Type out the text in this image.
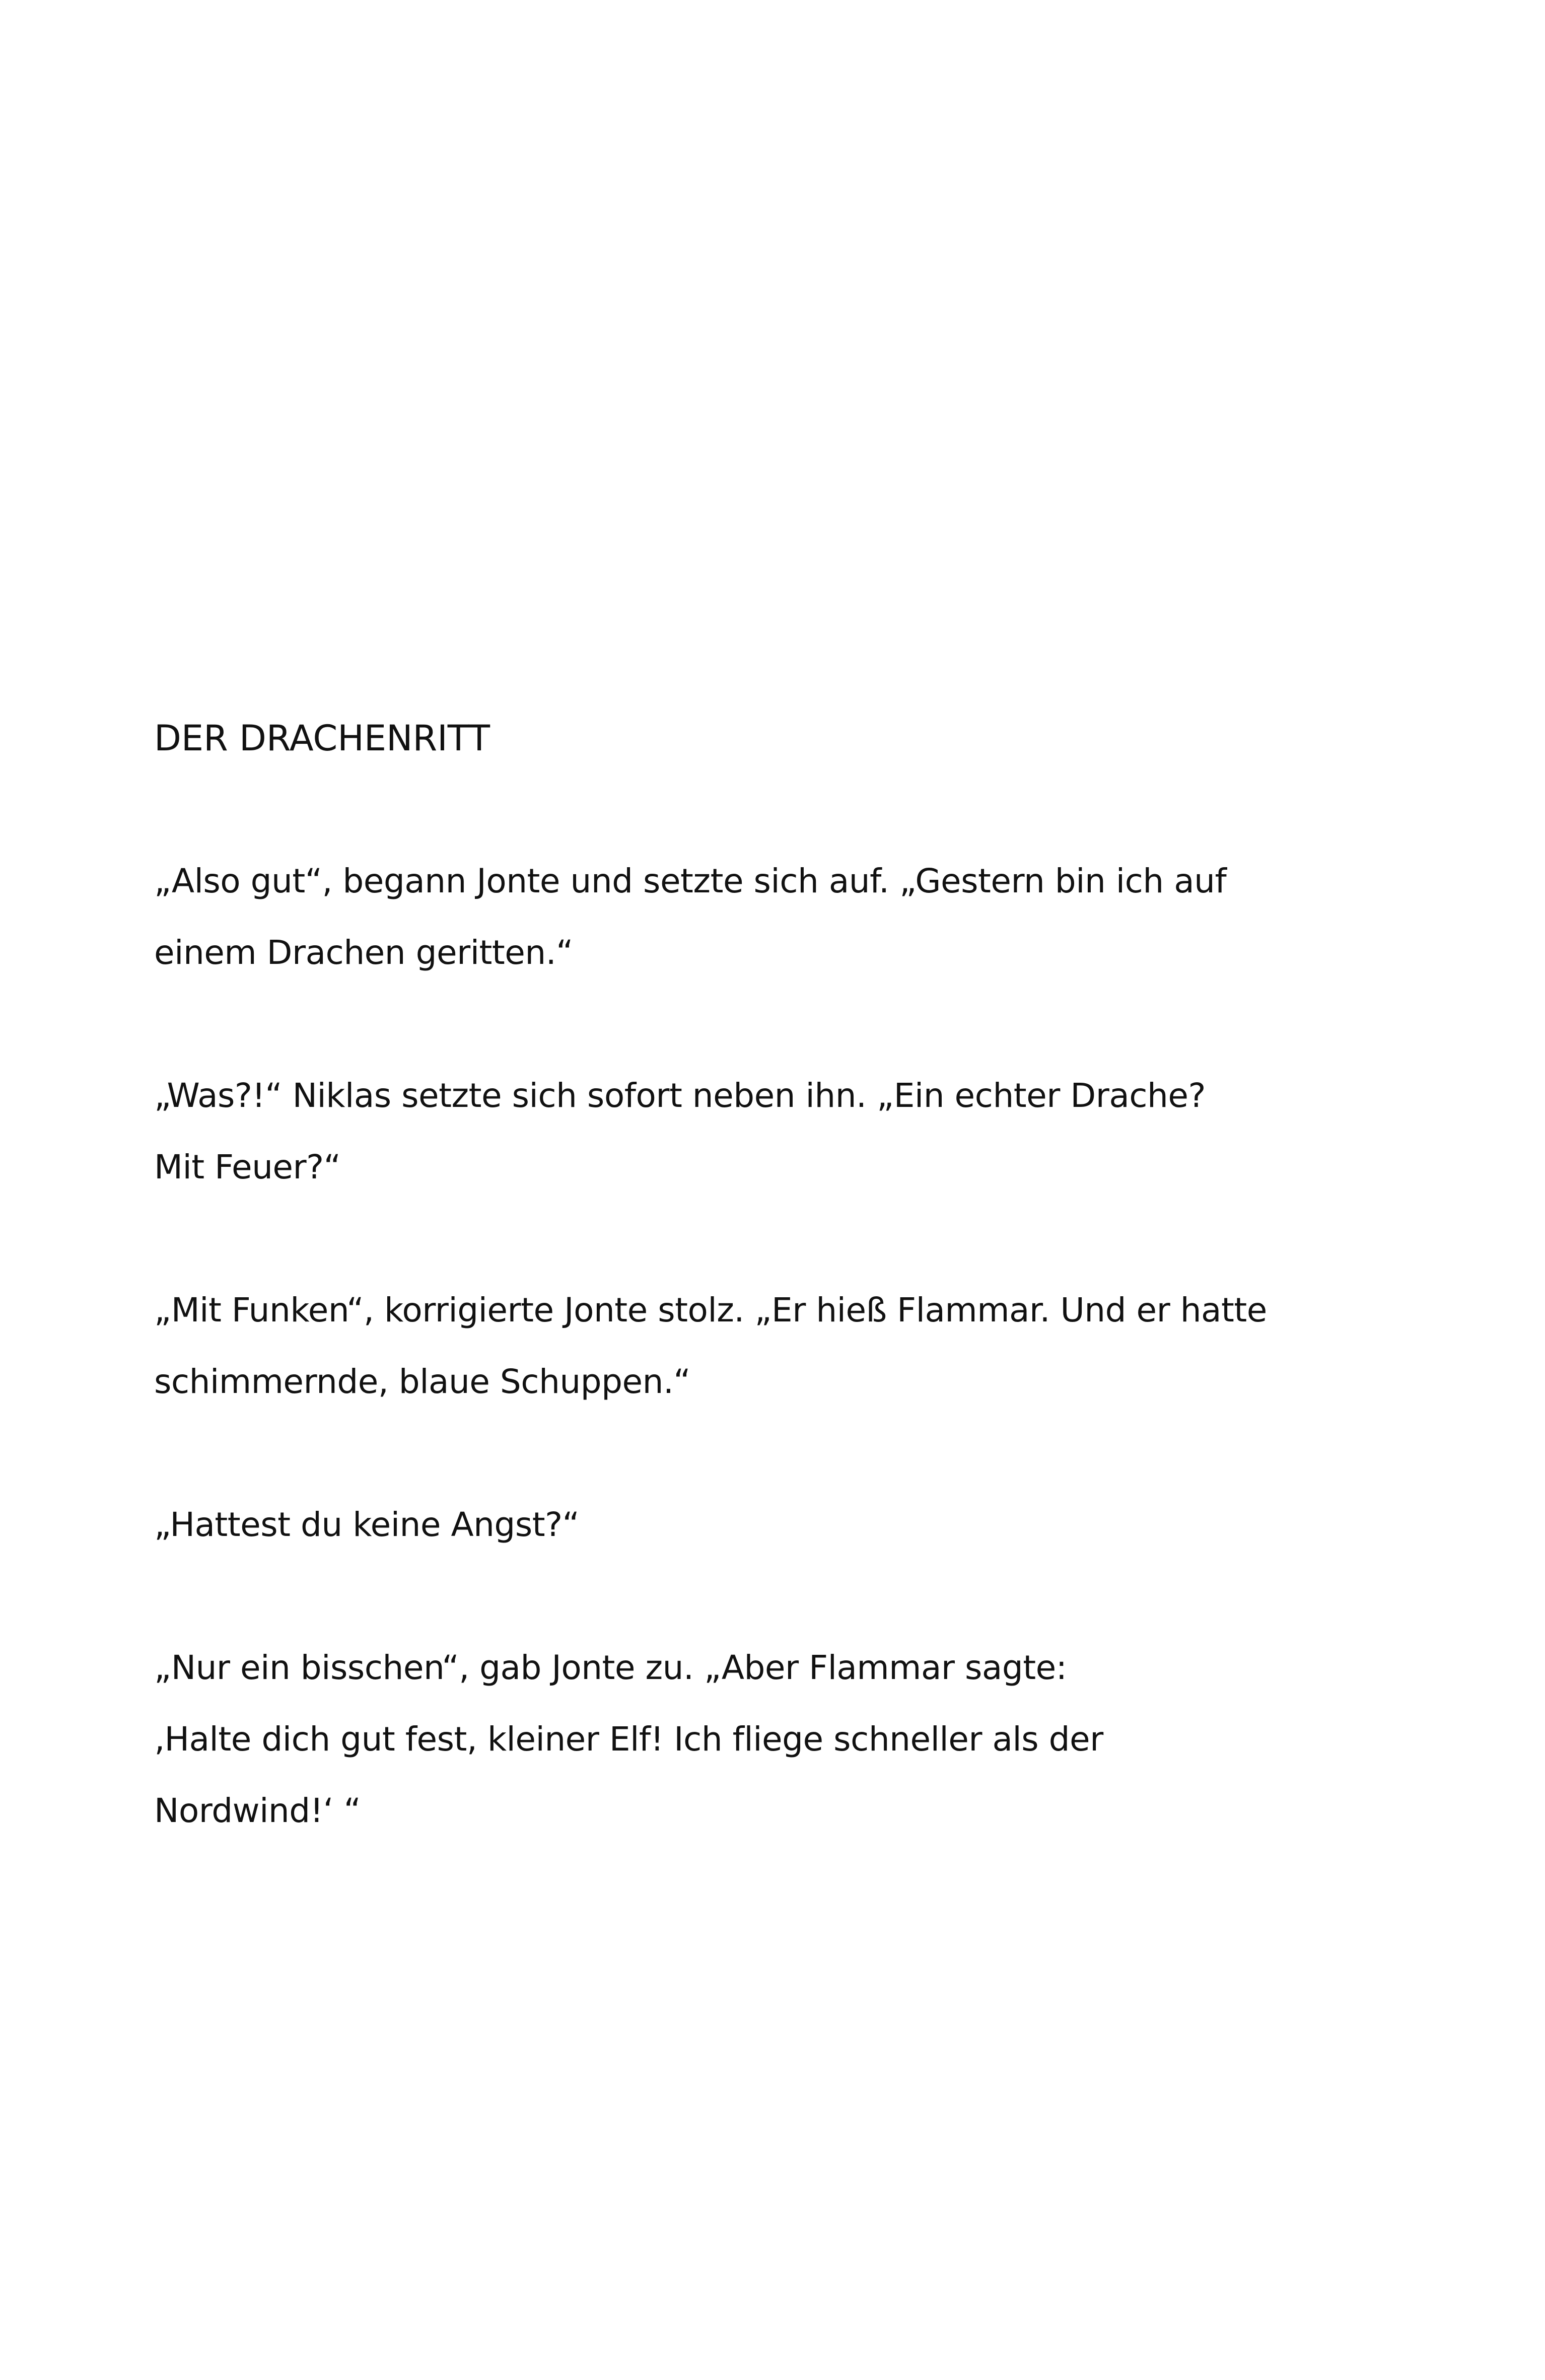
DER DRACHENRITT

„Also gut“, begann Jonte und setzte sich auf. „Gestern bin ich auf
einem Drachen geritten.“

„Was?!“ Niklas setzte sich sofort neben ihn. „Ein echter Drache?
Mit Feuer?“

„Mit Funken“, korrigierte Jonte stolz. „Er hieß Flammar. Und er hatte
schimmernde, blaue Schuppen.“

„Hattest du keine Angst?“

„Nur ein bisschen“, gab Jonte zu. „Aber Flammar sagte:
‚Halte dich gut fest, kleiner Elf! Ich fliege schneller als der
Nordwind!‘ “
